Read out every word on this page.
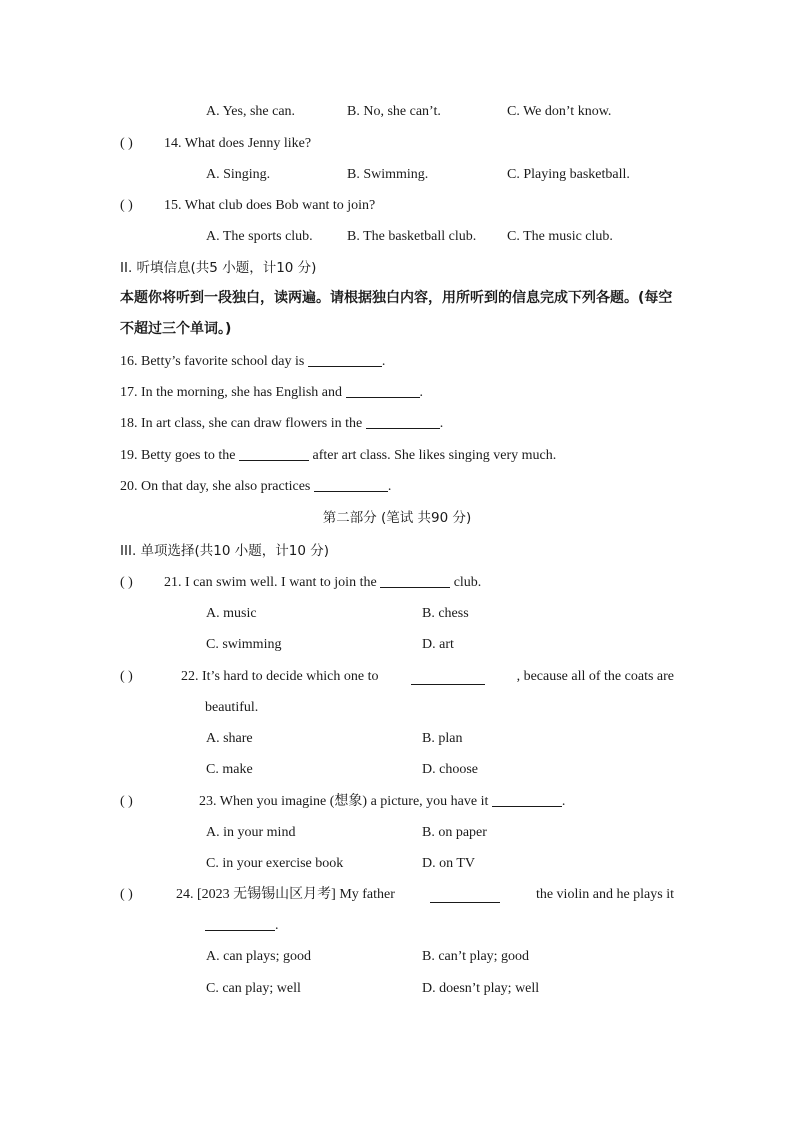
A. Yes, she can.	B. No, she can’t.	C. We don’t know.
( ) 14. What does Jenny like?
A. Singing.	B. Swimming.	C. Playing basketball.
( ) 15. What club does Bob want to join?
A. The sports club. B. The basketball club. C. The music club.
II. 听填信息(共5 小题，计10 分)
本题你将听到一段独白，读两遍。请根据独白内容，用所听到的信息完成下列各题。(每空不超过三个单词。)
16. Betty’s favorite school day is	.
17. In the morning, she has English and	.
18. In art class, she can draw flowers in the	.
19. Betty goes to the	after art class. She likes singing very much.
20. On that day, she also practices	.
第二部分 (笔试 共90 分)
III. 单项选择(共10 小题，计10 分)
( ) 21. I can swim well. I want to join the	club.
A. music	B. chess
C. swimming	D. art
( )	22. It’s hard to decide which one to	, because all of the coats are
beautiful.
A. share	B. plan
C. make	D. choose
( )	23. When you imagine (想象) a picture, you have it	.
A. in your mind	B. on paper
C. in your exercise book	D. on TV
( )	24. [2023 无锡锡山区月考] My father	the violin and he plays it
.
A. can plays; good	B. can’t play; good
C. can play; well	D. doesn’t play; well
